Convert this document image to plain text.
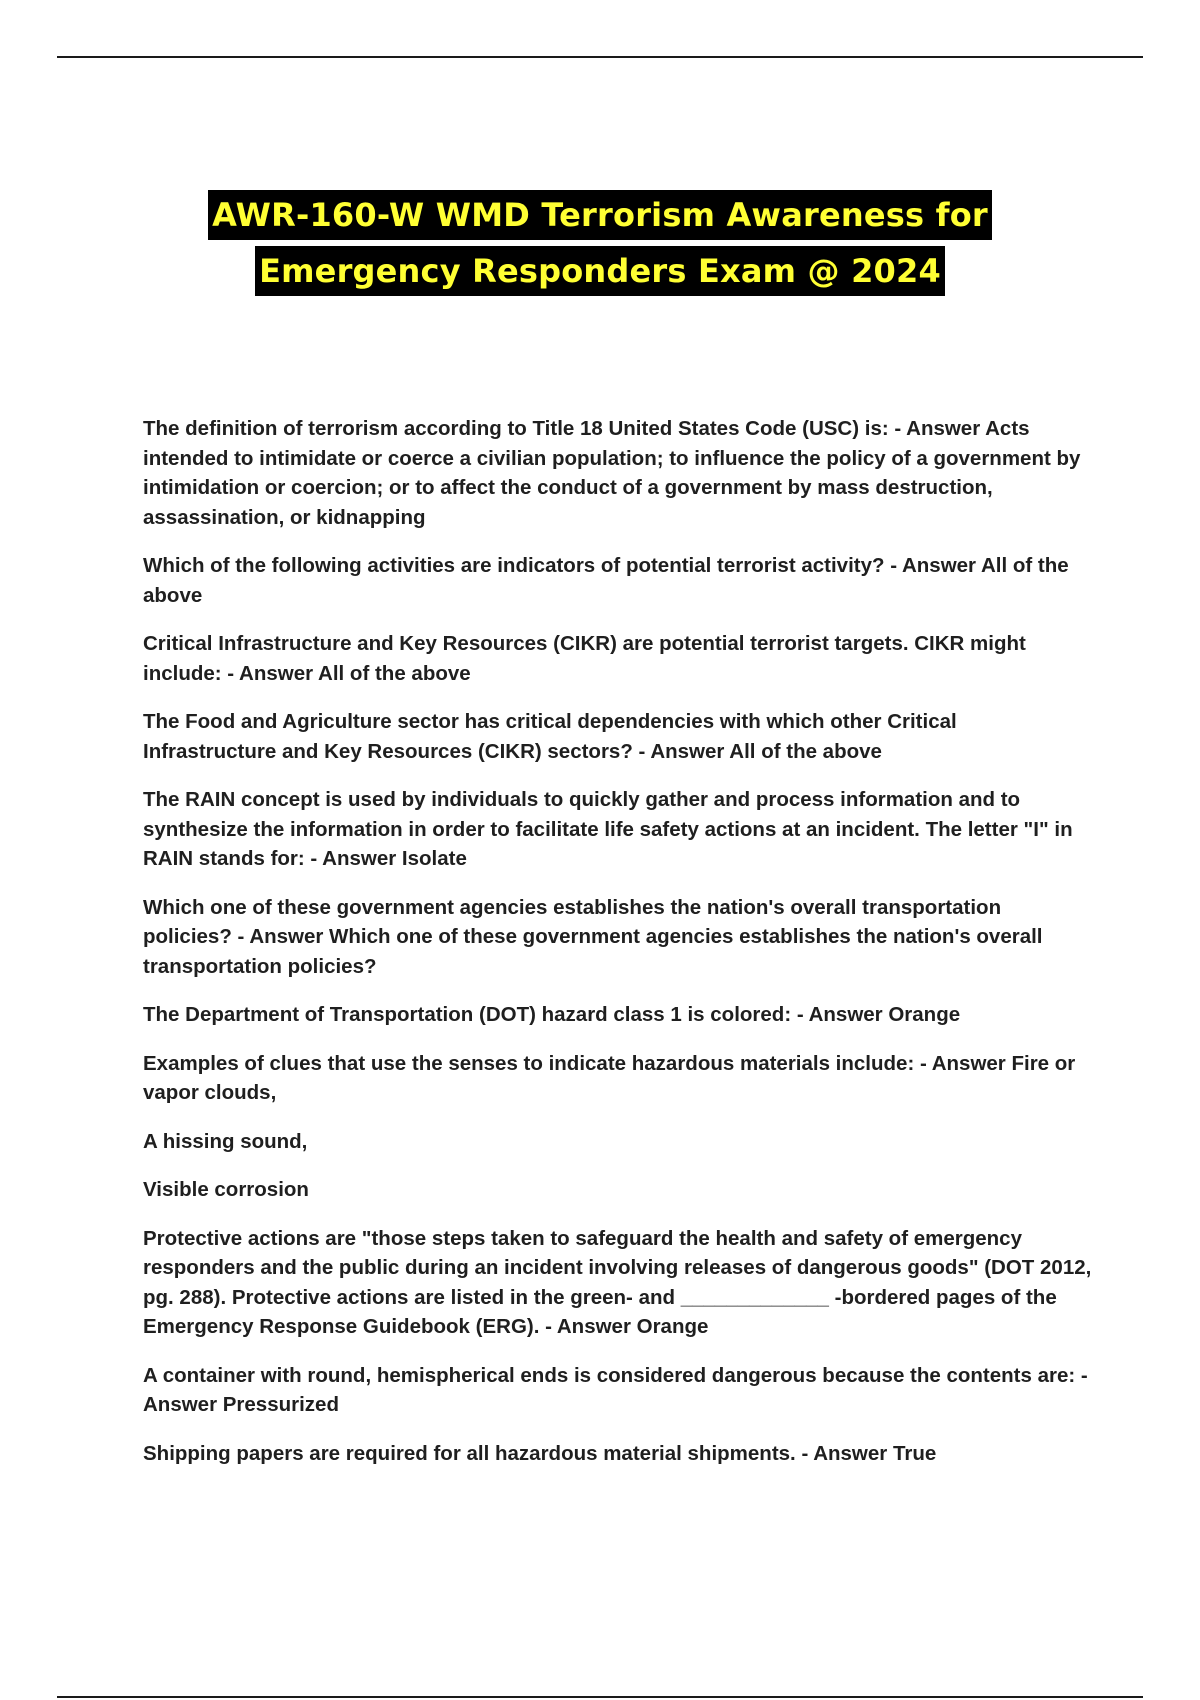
AWR-160-W WMD Terrorism Awareness for
Emergency Responders Exam @ 2024

The definition of terrorism according to Title 18 United States Code (USC) is: - Answer Acts intended to intimidate or coerce a civilian population; to influence the policy of a government by intimidation or coercion; or to affect the conduct of a government by mass destruction, assassination, or kidnapping

Which of the following activities are indicators of potential terrorist activity? - Answer All of the above

Critical Infrastructure and Key Resources (CIKR) are potential terrorist targets. CIKR might include: - Answer All of the above

The Food and Agriculture sector has critical dependencies with which other Critical Infrastructure and Key Resources (CIKR) sectors? - Answer All of the above

The RAIN concept is used by individuals to quickly gather and process information and to synthesize the information in order to facilitate life safety actions at an incident. The letter "I" in RAIN stands for: - Answer Isolate

Which one of these government agencies establishes the nation's overall transportation policies? - Answer Which one of these government agencies establishes the nation's overall transportation policies?

The Department of Transportation (DOT) hazard class 1 is colored: - Answer Orange

Examples of clues that use the senses to indicate hazardous materials include: - Answer Fire or vapor clouds,

A hissing sound,

Visible corrosion

Protective actions are "those steps taken to safeguard the health and safety of emergency responders and the public during an incident involving releases of dangerous goods" (DOT 2012, pg. 288). Protective actions are listed in the green- and _____________ -bordered pages of the Emergency Response Guidebook (ERG). - Answer Orange

A container with round, hemispherical ends is considered dangerous because the contents are: - Answer Pressurized

Shipping papers are required for all hazardous material shipments. - Answer True
